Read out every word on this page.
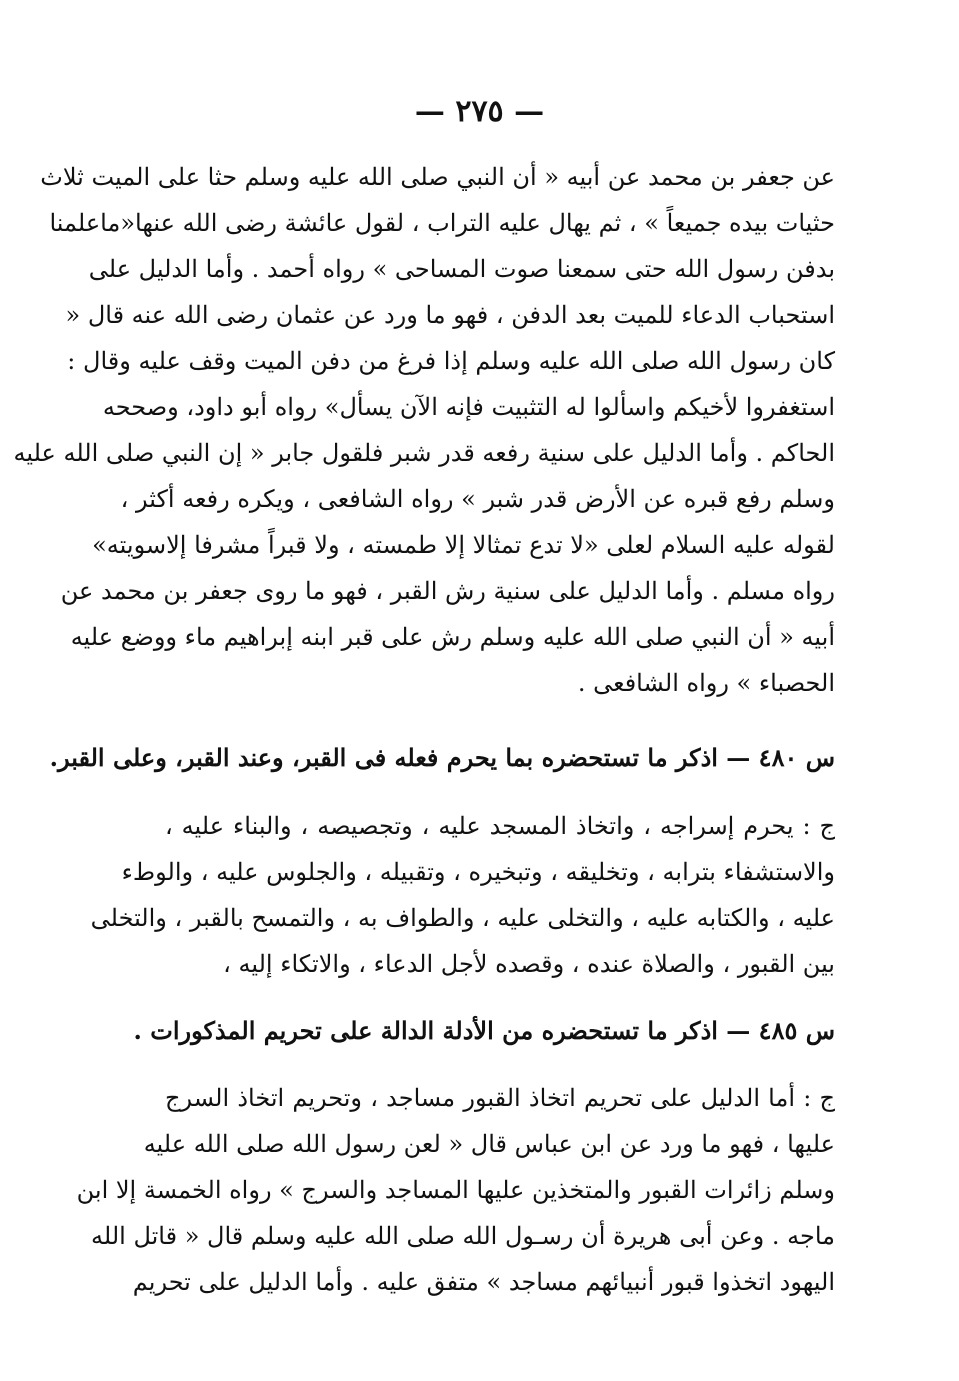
— ٢٧٥ —
عن جعفر بن محمد عن أبيه « أن النبي صلى الله عليه وسلم حثا على الميت ثلاث
حثيات بيده جميعاً » ، ثم يهال عليه التراب ، لقول عائشة رضى الله عنها«ماعلمنا
بدفن رسول الله حتى سمعنا صوت المساحى » رواه أحمد . وأما الدليل على
استحباب الدعاء للميت بعد الدفن ، فهو ما ورد عن عثمان رضى الله عنه قال «
كان رسول الله صلى الله عليه وسلم إذا فرغ من دفن الميت وقف عليه وقال :
استغفروا لأخيكم واسألوا له التثبيت فإنه الآن يسأل» رواه أبو داود، وصححه
الحاكم . وأما الدليل على سنية رفعه قدر شبر فلقول جابر « إن النبي صلى الله عليه
وسلم رفع قبره عن الأرض قدر شبر » رواه الشافعى ، ويكره رفعه أكثر ،
لقوله عليه السلام لعلى «لا تدع تمثالا إلا طمسته ، ولا قبراً مشرفا إلاسويته»
رواه مسلم . وأما الدليل على سنية رش القبر ، فهو ما روى جعفر بن محمد عن
أبيه « أن النبي صلى الله عليه وسلم رش على قبر ابنه إبراهيم ماء ووضع عليه
الحصباء » رواه الشافعى .
س ٤٨٠ — اذكر ما تستحضره بما يحرم فعله فى القبر، وعند القبر، وعلى القبر.
ج : يحرم إسراجه ، واتخاذ المسجد عليه ، وتجصيصه ، والبناء عليه ،
والاستشفاء بترابه ، وتخليقه ، وتبخيره ، وتقبيله ، والجلوس عليه ، والوطء
عليه ، والكتابه عليه ، والتخلى عليه ، والطواف به ، والتمسح بالقبر ، والتخلى
بين القبور ، والصلاة عنده ، وقصده لأجل الدعاء ، والاتكاء إليه ،
س ٤٨٥ — اذكر ما تستحضره من الأدلة الدالة على تحريم المذكورات .
ج : أما الدليل على تحريم اتخاذ القبور مساجد ، وتحريم اتخاذ السرج
عليها ، فهو ما ورد عن ابن عباس قال « لعن رسول الله صلى الله عليه
وسلم زائرات القبور والمتخذين عليها المساجد والسرج » رواه الخمسة إلا ابن
ماجه . وعن أبى هريرة أن رسـول الله صلى الله عليه وسلم قال « قاتل الله
اليهود اتخذوا قبور أنبيائهم مساجد » متفق عليه . وأما الدليل على تحريم
